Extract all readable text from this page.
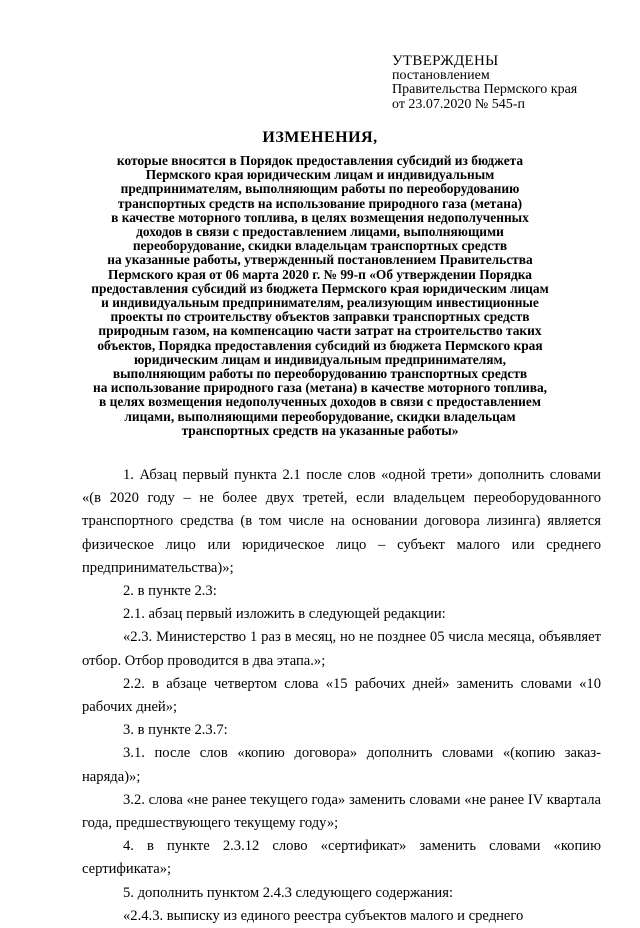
УТВЕРЖДЕНЫ
постановлением
Правительства Пермского края
от 23.07.2020 № 545-п
ИЗМЕНЕНИЯ,
которые вносятся в Порядок предоставления субсидий из бюджета
Пермского края юридическим лицам и индивидуальным
предпринимателям, выполняющим работы по переоборудованию
транспортных средств на использование природного газа (метана)
в качестве моторного топлива, в целях возмещения недополученных
доходов в связи с предоставлением лицами, выполняющими
переоборудование, скидки владельцам транспортных средств
на указанные работы, утвержденный постановлением Правительства
Пермского края от 06 марта 2020 г. № 99-п «Об утверждении Порядка
предоставления субсидий из бюджета Пермского края юридическим лицам
и индивидуальным предпринимателям, реализующим инвестиционные
проекты по строительству объектов заправки транспортных средств
природным газом, на компенсацию части затрат на строительство таких
объектов, Порядка предоставления субсидий из бюджета Пермского края
юридическим лицам и индивидуальным предпринимателям,
выполняющим работы по переоборудованию транспортных средств
на использование природного газа (метана) в качестве моторного топлива,
в целях возмещения недополученных доходов в связи с предоставлением
лицами, выполняющими переоборудование, скидки владельцам
транспортных средств на указанные работы»

1. Абзац первый пункта 2.1 после слов «одной трети» дополнить словами «(в 2020 году – не более двух третей, если владельцем переоборудованного транспортного средства (в том числе на основании договора лизинга) является физическое лицо или юридическое лицо – субъект малого или среднего предпринимательства)»;

2. в пункте 2.3:

2.1. абзац первый изложить в следующей редакции:

«2.3. Министерство 1 раз в месяц, но не позднее 05 числа месяца, объявляет отбор. Отбор проводится в два этапа.»;

2.2. в абзаце четвертом слова «15 рабочих дней» заменить словами «10 рабочих дней»;

3. в пункте 2.3.7:

3.1. после слов «копию договора» дополнить словами «(копию заказ-наряда)»;

3.2. слова «не ранее текущего года» заменить словами «не ранее IV квартала года, предшествующего текущему году»;

4. в пункте 2.3.12 слово «сертификат» заменить словами «копию сертификата»;

5. дополнить пунктом 2.4.3 следующего содержания:

«2.4.3. выписку из единого реестра субъектов малого и среднего
